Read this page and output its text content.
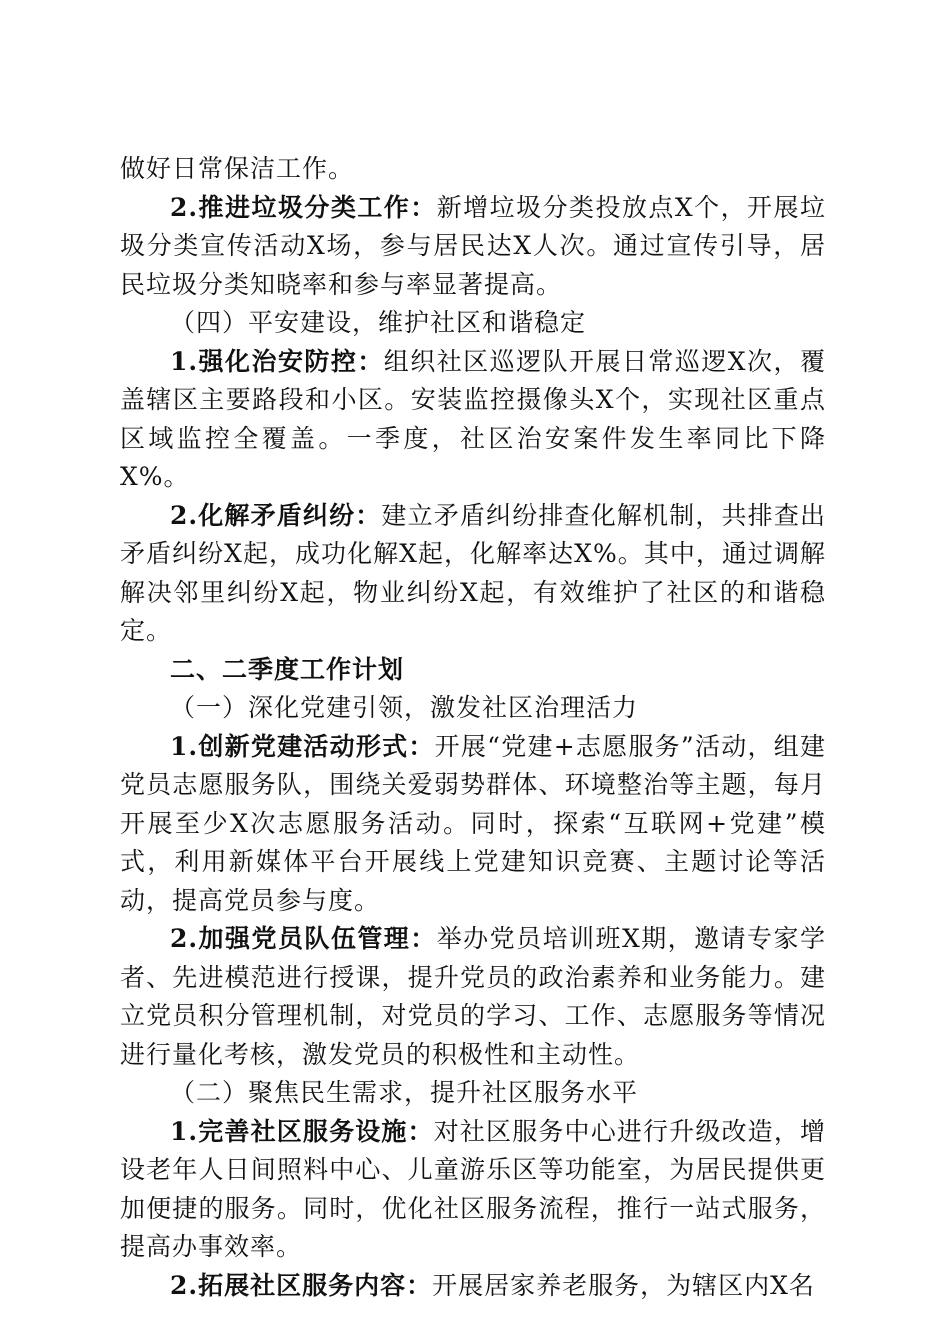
做好日常保洁工作。

2.推进垃圾分类工作：新增垃圾分类投放点X个，开展垃圾分类宣传活动X场，参与居民达X人次。通过宣传引导，居民垃圾分类知晓率和参与率显著提高。

（四）平安建设，维护社区和谐稳定

1.强化治安防控：组织社区巡逻队开展日常巡逻X次，覆盖辖区主要路段和小区。安装监控摄像头X个，实现社区重点区域监控全覆盖。一季度，社区治安案件发生率同比下降X%。

2.化解矛盾纠纷：建立矛盾纠纷排查化解机制，共排查出矛盾纠纷X起，成功化解X起，化解率达X%。其中，通过调解解决邻里纠纷X起，物业纠纷X起，有效维护了社区的和谐稳定。

二、二季度工作计划

（一）深化党建引领，激发社区治理活力

1.创新党建活动形式：开展“党建+志愿服务”活动，组建党员志愿服务队，围绕关爱弱势群体、环境整治等主题，每月开展至少X次志愿服务活动。同时，探索“互联网+党建”模式，利用新媒体平台开展线上党建知识竞赛、主题讨论等活动，提高党员参与度。

2.加强党员队伍管理：举办党员培训班X期，邀请专家学者、先进模范进行授课，提升党员的政治素养和业务能力。建立党员积分管理机制，对党员的学习、工作、志愿服务等情况进行量化考核，激发党员的积极性和主动性。

（二）聚焦民生需求，提升社区服务水平

1.完善社区服务设施：对社区服务中心进行升级改造，增设老年人日间照料中心、儿童游乐区等功能室，为居民提供更加便捷的服务。同时，优化社区服务流程，推行一站式服务，提高办事效率。

2.拓展社区服务内容：开展居家养老服务，为辖区内X名
